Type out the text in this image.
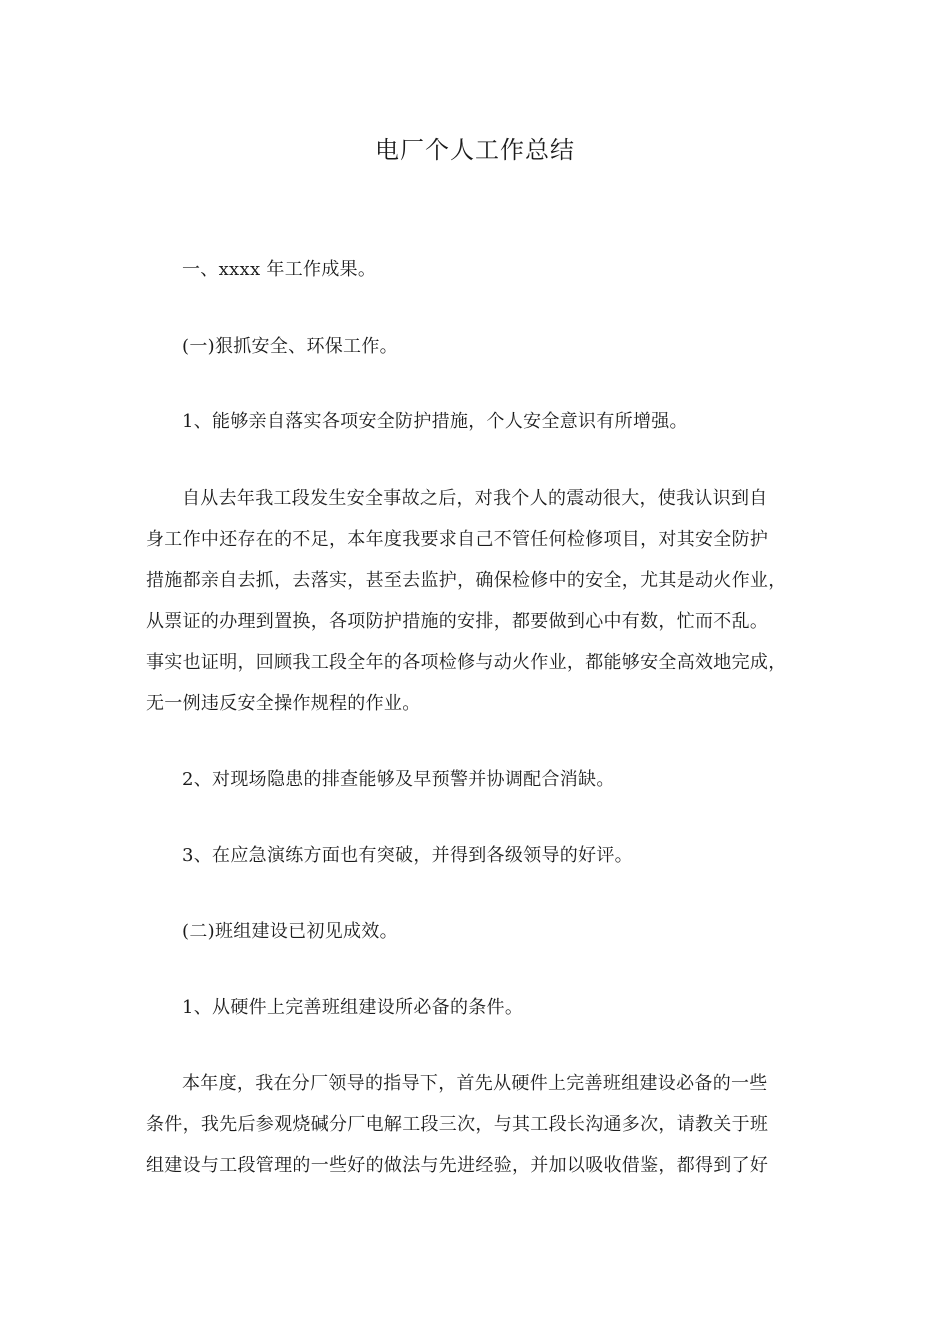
电厂个人工作总结
一、xxxx 年工作成果。
(一)狠抓安全、环保工作。
1、能够亲自落实各项安全防护措施，个人安全意识有所增强。
自从去年我工段发生安全事故之后，对我个人的震动很大，使我认识到自
身工作中还存在的不足，本年度我要求自己不管任何检修项目，对其安全防护
措施都亲自去抓，去落实，甚至去监护，确保检修中的安全，尤其是动火作业，
从票证的办理到置换，各项防护措施的安排，都要做到心中有数，忙而不乱。
事实也证明，回顾我工段全年的各项检修与动火作业，都能够安全高效地完成，
无一例违反安全操作规程的作业。
2、对现场隐患的排查能够及早预警并协调配合消缺。
3、在应急演练方面也有突破，并得到各级领导的好评。
(二)班组建设已初见成效。
1、从硬件上完善班组建设所必备的条件。
本年度，我在分厂领导的指导下，首先从硬件上完善班组建设必备的一些
条件，我先后参观烧碱分厂电解工段三次，与其工段长沟通多次，请教关于班
组建设与工段管理的一些好的做法与先进经验，并加以吸收借鉴，都得到了好
